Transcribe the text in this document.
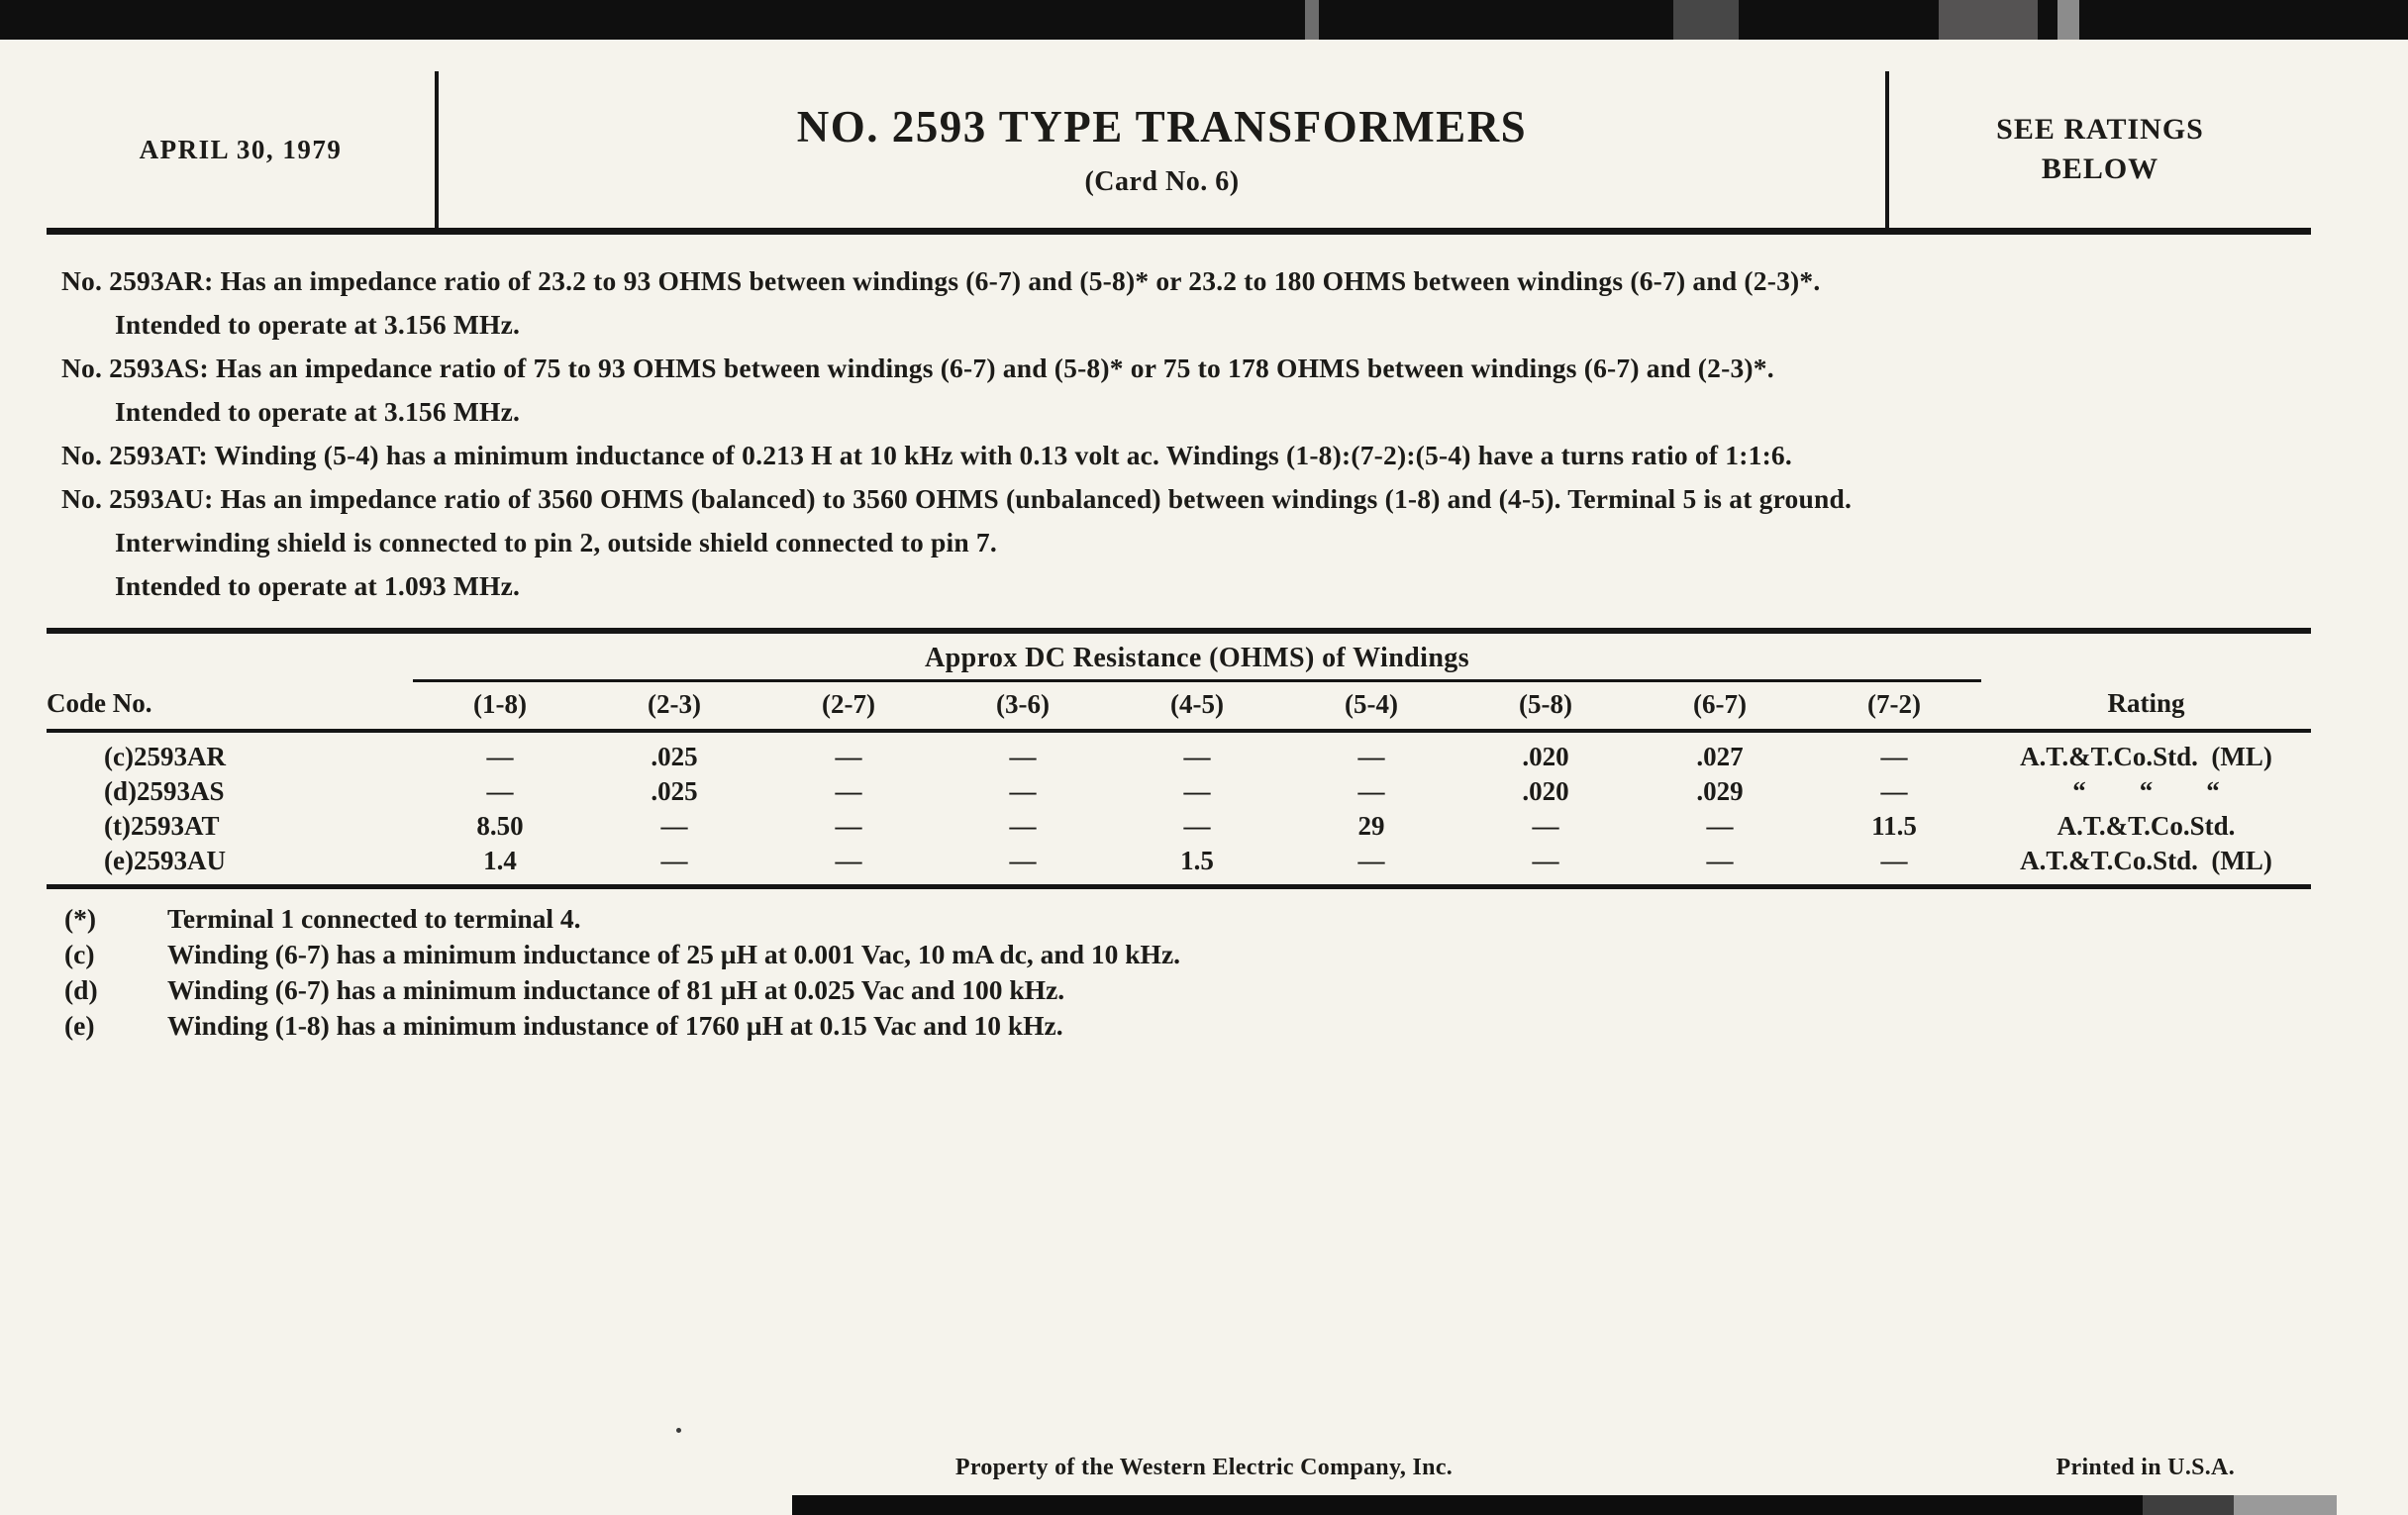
APRIL 30, 1979	NO. 2593 TYPE TRANSFORMERS
(Card No. 6)
SEE RATINGS
BELOW

No. 2593AR: Has an impedance ratio of 23.2 to 93 OHMS between windings (6-7) and (5-8)* or 23.2 to 180 OHMS between windings (6-7) and (2-3)*.

Intended to operate at 3.156 MHz.

No. 2593AS: Has an impedance ratio of 75 to 93 OHMS between windings (6-7) and (5-8)* or 75 to 178 OHMS between windings (6-7) and (2-3)*.

Intended to operate at 3.156 MHz.

No. 2593AT: Winding (5-4) has a minimum inductance of 0.213 H at 10 kHz with 0.13 volt ac. Windings (1-8):(7-2):(5-4) have a turns ratio of 1:1:6.

No. 2593AU: Has an impedance ratio of 3560 OHMS (balanced) to 3560 OHMS (unbalanced) between windings (1-8) and (4-5). Terminal 5 is at ground.

Interwinding shield is connected to pin 2, outside shield connected to pin 7.

Intended to operate at 1.093 MHz.

	Approx DC Resistance (OHMS) of Windings									
Code No.	(1-8)	(2-3)	(2-7)	(3-6)	(4-5)	(5-4)	(5-8)	(6-7)	(7-2)	Rating
(c)2593AR	—	.025	—	—	—	—	.020	.027	—	A.T.&T.Co.Std. (ML)
(d)2593AS	—	.025	—	—	—	—	.020	.029	—	“  “  “
(t)2593AT	8.50	—	—	—	—	29	—	—	11.5	A.T.&T.Co.Std.
(e)2593AU	1.4	—	—	—	1.5	—	—	—	—	A.T.&T.Co.Std. (ML)
(*)	Terminal 1 connected to terminal 4.
(c)	Winding (6-7) has a minimum inductance of 25 µH at 0.001 Vac, 10 mA dc, and 10 kHz.
(d)	Winding (6-7) has a minimum inductance of 81 µH at 0.025 Vac and 100 kHz.
(e)	Winding (1-8) has a minimum industance of 1760 µH at 0.15 Vac and 10 kHz.
Property of the Western Electric Company, Inc.	Printed in U.S.A.
